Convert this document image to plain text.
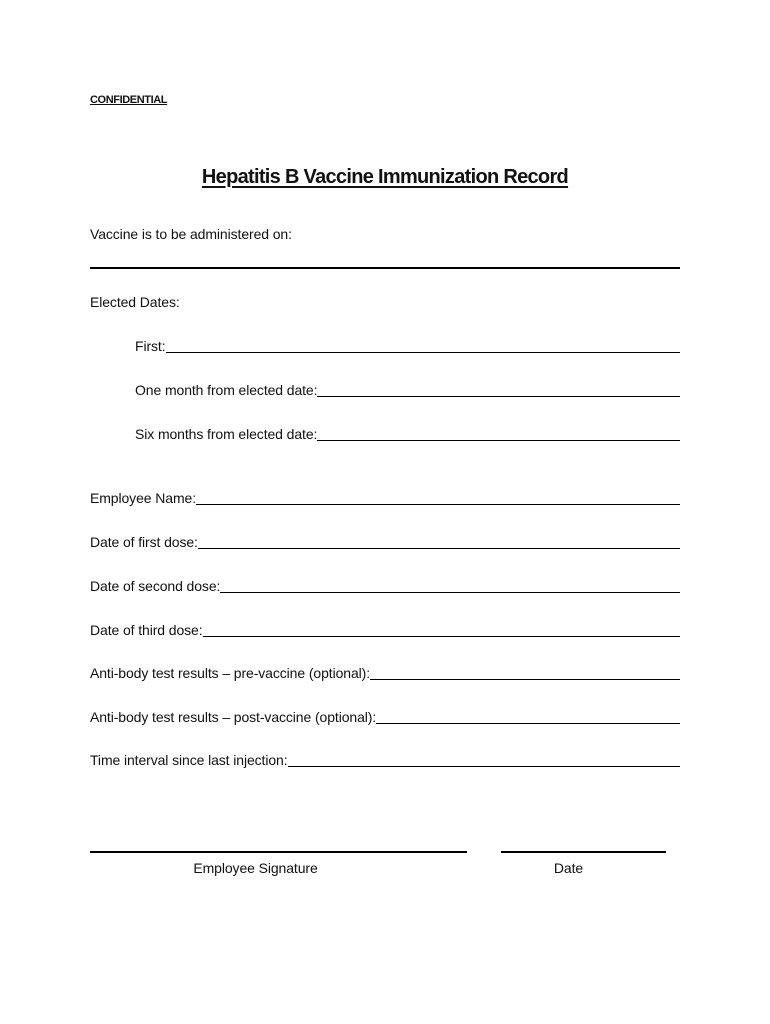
CONFIDENTIAL
Hepatitis B Vaccine Immunization Record
Vaccine is to be administered on:
Elected Dates:
First:
One month from elected date:
Six months from elected date:
Employee Name:
Date of first dose:
Date of second dose:
Date of third dose:
Anti-body test results – pre-vaccine (optional):
Anti-body test results – post-vaccine (optional):
Time interval since last injection:
Employee Signature	Date
